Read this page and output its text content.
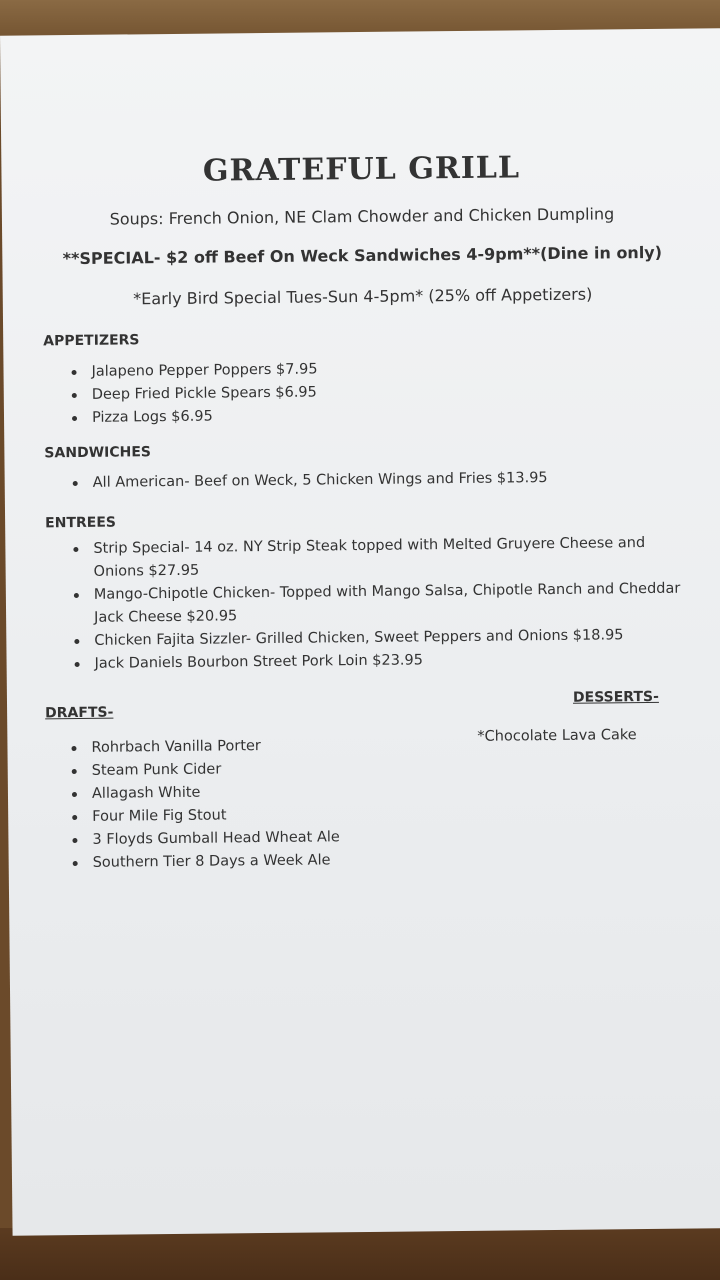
GRATEFUL GRILL
Soups: French Onion, NE Clam Chowder and Chicken Dumpling
**SPECIAL- $2 off Beef On Weck Sandwiches 4-9pm**(Dine in only)
*Early Bird Special Tues-Sun 4-5pm* (25% off Appetizers)
APPETIZERS
Jalapeno Pepper Poppers $7.95
Deep Fried Pickle Spears $6.95
Pizza Logs $6.95
SANDWICHES
All American- Beef on Weck, 5 Chicken Wings and Fries $13.95
ENTREES
Strip Special- 14 oz. NY Strip Steak topped with Melted Gruyere Cheese and Onions $27.95
Mango-Chipotle Chicken- Topped with Mango Salsa, Chipotle Ranch and Cheddar Jack Cheese $20.95
Chicken Fajita Sizzler- Grilled Chicken, Sweet Peppers and Onions $18.95
Jack Daniels Bourbon Street Pork Loin $23.95
DRAFTS-
Rohrbach Vanilla Porter
Steam Punk Cider
Allagash White
Four Mile Fig Stout
3 Floyds Gumball Head Wheat Ale
Southern Tier 8 Days a Week Ale
DESSERTS-
*Chocolate Lava Cake
